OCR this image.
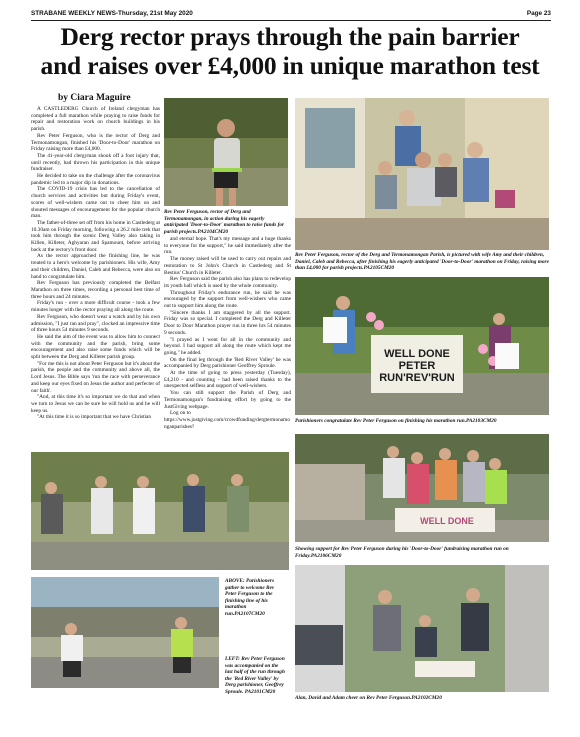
STRABANE WEEKLY NEWS-Thursday, 21st May 2020	Page 23
Derg rector prays through the pain barrier
and raises over £4,000 in unique marathon test
by Ciara Maguire

A CASTLEDERG Church of Ireland clergyman has completed a full marathon while praying to raise funds for repair and restoration work on church buildings in his parish.

Rev Peter Ferguson, who is the rector of Derg and Termonamongan, finished his 'Door-to-Door' marathon on Friday raising more than £4,000.

The 41-year-old clergyman shook off a foot injury that, until recently, had thrown his participation in this unique fundraiser.

He decided to take on the challenge after the coronavirus pandemic led to a major dip in donations.

The COVID-19 crisis has led to the cancellation of church services and activities but during Friday's event, scores of well-wishers came out to cheer him on and shouted messages of encouragement for the popular church man.

The father-of-three set off from his home in Castlederg at 10.30am on Friday morning, following a 26.2 mile trek that took him through the scenic Derg Valley also taking in Killen, Killeter, Aghyaran and Spamount, before arriving back at the rectory's front door.

As the rector approached the finishing line, he was treated to a hero's welcome by parishioners. His wife, Amy and their children, Daniel, Caleb and Rebecca, were also on hand to congratulate him.

Rev Ferguson has previously completed the Belfast Marathon on three times, recording a personal best time of three hours and 24 minutes.

Friday's run - over a more difficult course - took a few minutes longer with the rector praying all along the route.

Rev Ferguson, who doesn't wear a watch and by his own admission, "I just ran and pray", clocked an impressive time of three hours 54 minutes 9 seconds.

He said the aim of the event was to allow him to connect with the community and the parish, bring some encouragement and also raise some funds which will be split between the Derg and Killeter parish group.

"For me this is not about Peter Ferguson but it's about the parish, the people and the community and above all, the Lord Jesus. The Bible says 'run the race with perseverance and keep our eyes fixed on Jesus the author and perfecter of our faith'.

"And, at this time it's so important we do that and when we turn to Jesus we can be sure he will hold us and he will keep us.

"At this time it is so important that we have Christian

and eternal hope. That's my message and a huge thanks to everyone for the support," he said immediately after the run.

The money raised will be used to carry out repairs and restoration to St John's Church in Castlederg and St Bestius' Church in Killeter.

Rev Ferguson said the parish also has plans to redevelop its youth hall which is used by the whole community.

Throughout Friday's endurance run, he said he was encouraged by the support from well-wishers who came out to support him along the route.

"Sincere thanks I am staggered by all the support. Friday was so special. I completed the Derg and Killeter Door to Door Marathon prayer run in three hrs 54 minutes 9 seconds.

"I prayed as I went for all in the community and beyond. I had support all along the route which kept me going," he added.

On the final leg through the 'Red River Valley' he was accompanied by Derg parishioner Geoffrey Sproule.

At the time of going to press yesterday (Tuesday), £4,210 - and counting - had been raised thanks to the unexpected selfless and support of well-wishers.

You can still support the Parish of Derg and Termonamongan's fundraising effort by going to the JustGiving webpage.

Log on to

https://www.justgiving.com/crowdfunding/dergtermonamonganparishes?

Rev Peter Ferguson, rector of Derg and Termonamongan, in action during his eagerly anticipated 'Door-to-Door' marathon to raise funds for parish projects.PA2104CM20
Rev Peter Ferguson, rector of the Derg and Termonamongan Parish, is pictured with wife Amy and their children, Daniel, Caleb and Rebecca, after finishing his eagerly anticipated 'Door-to-Door' marathon on Friday, raising more than £4,000 for parish projects.PA2105CM20
WELL DONE PETER RUN'REV'RUN
Parishioners congratulate Rev Peter Ferguson on finishing his marathon run.PA2103CM20
WELL DONE
Showing support for Rev Peter Ferguson during his 'Door-to-Door' fundraising marathon run on Friday.PA2106CM20
ABOVE: Parishioners gather to welcome Rev Peter Ferguson to the finishing line of his marathon run.PA2107CM20
LEFT: Rev Peter Ferguson was accompanied on the last half of the run through the 'Red River Valley' by Derg parishioner, Geoffrey Sproule. PA2101CM20
Alan, David and Adam cheer on Rev Peter Ferguson.PA2102CM20
